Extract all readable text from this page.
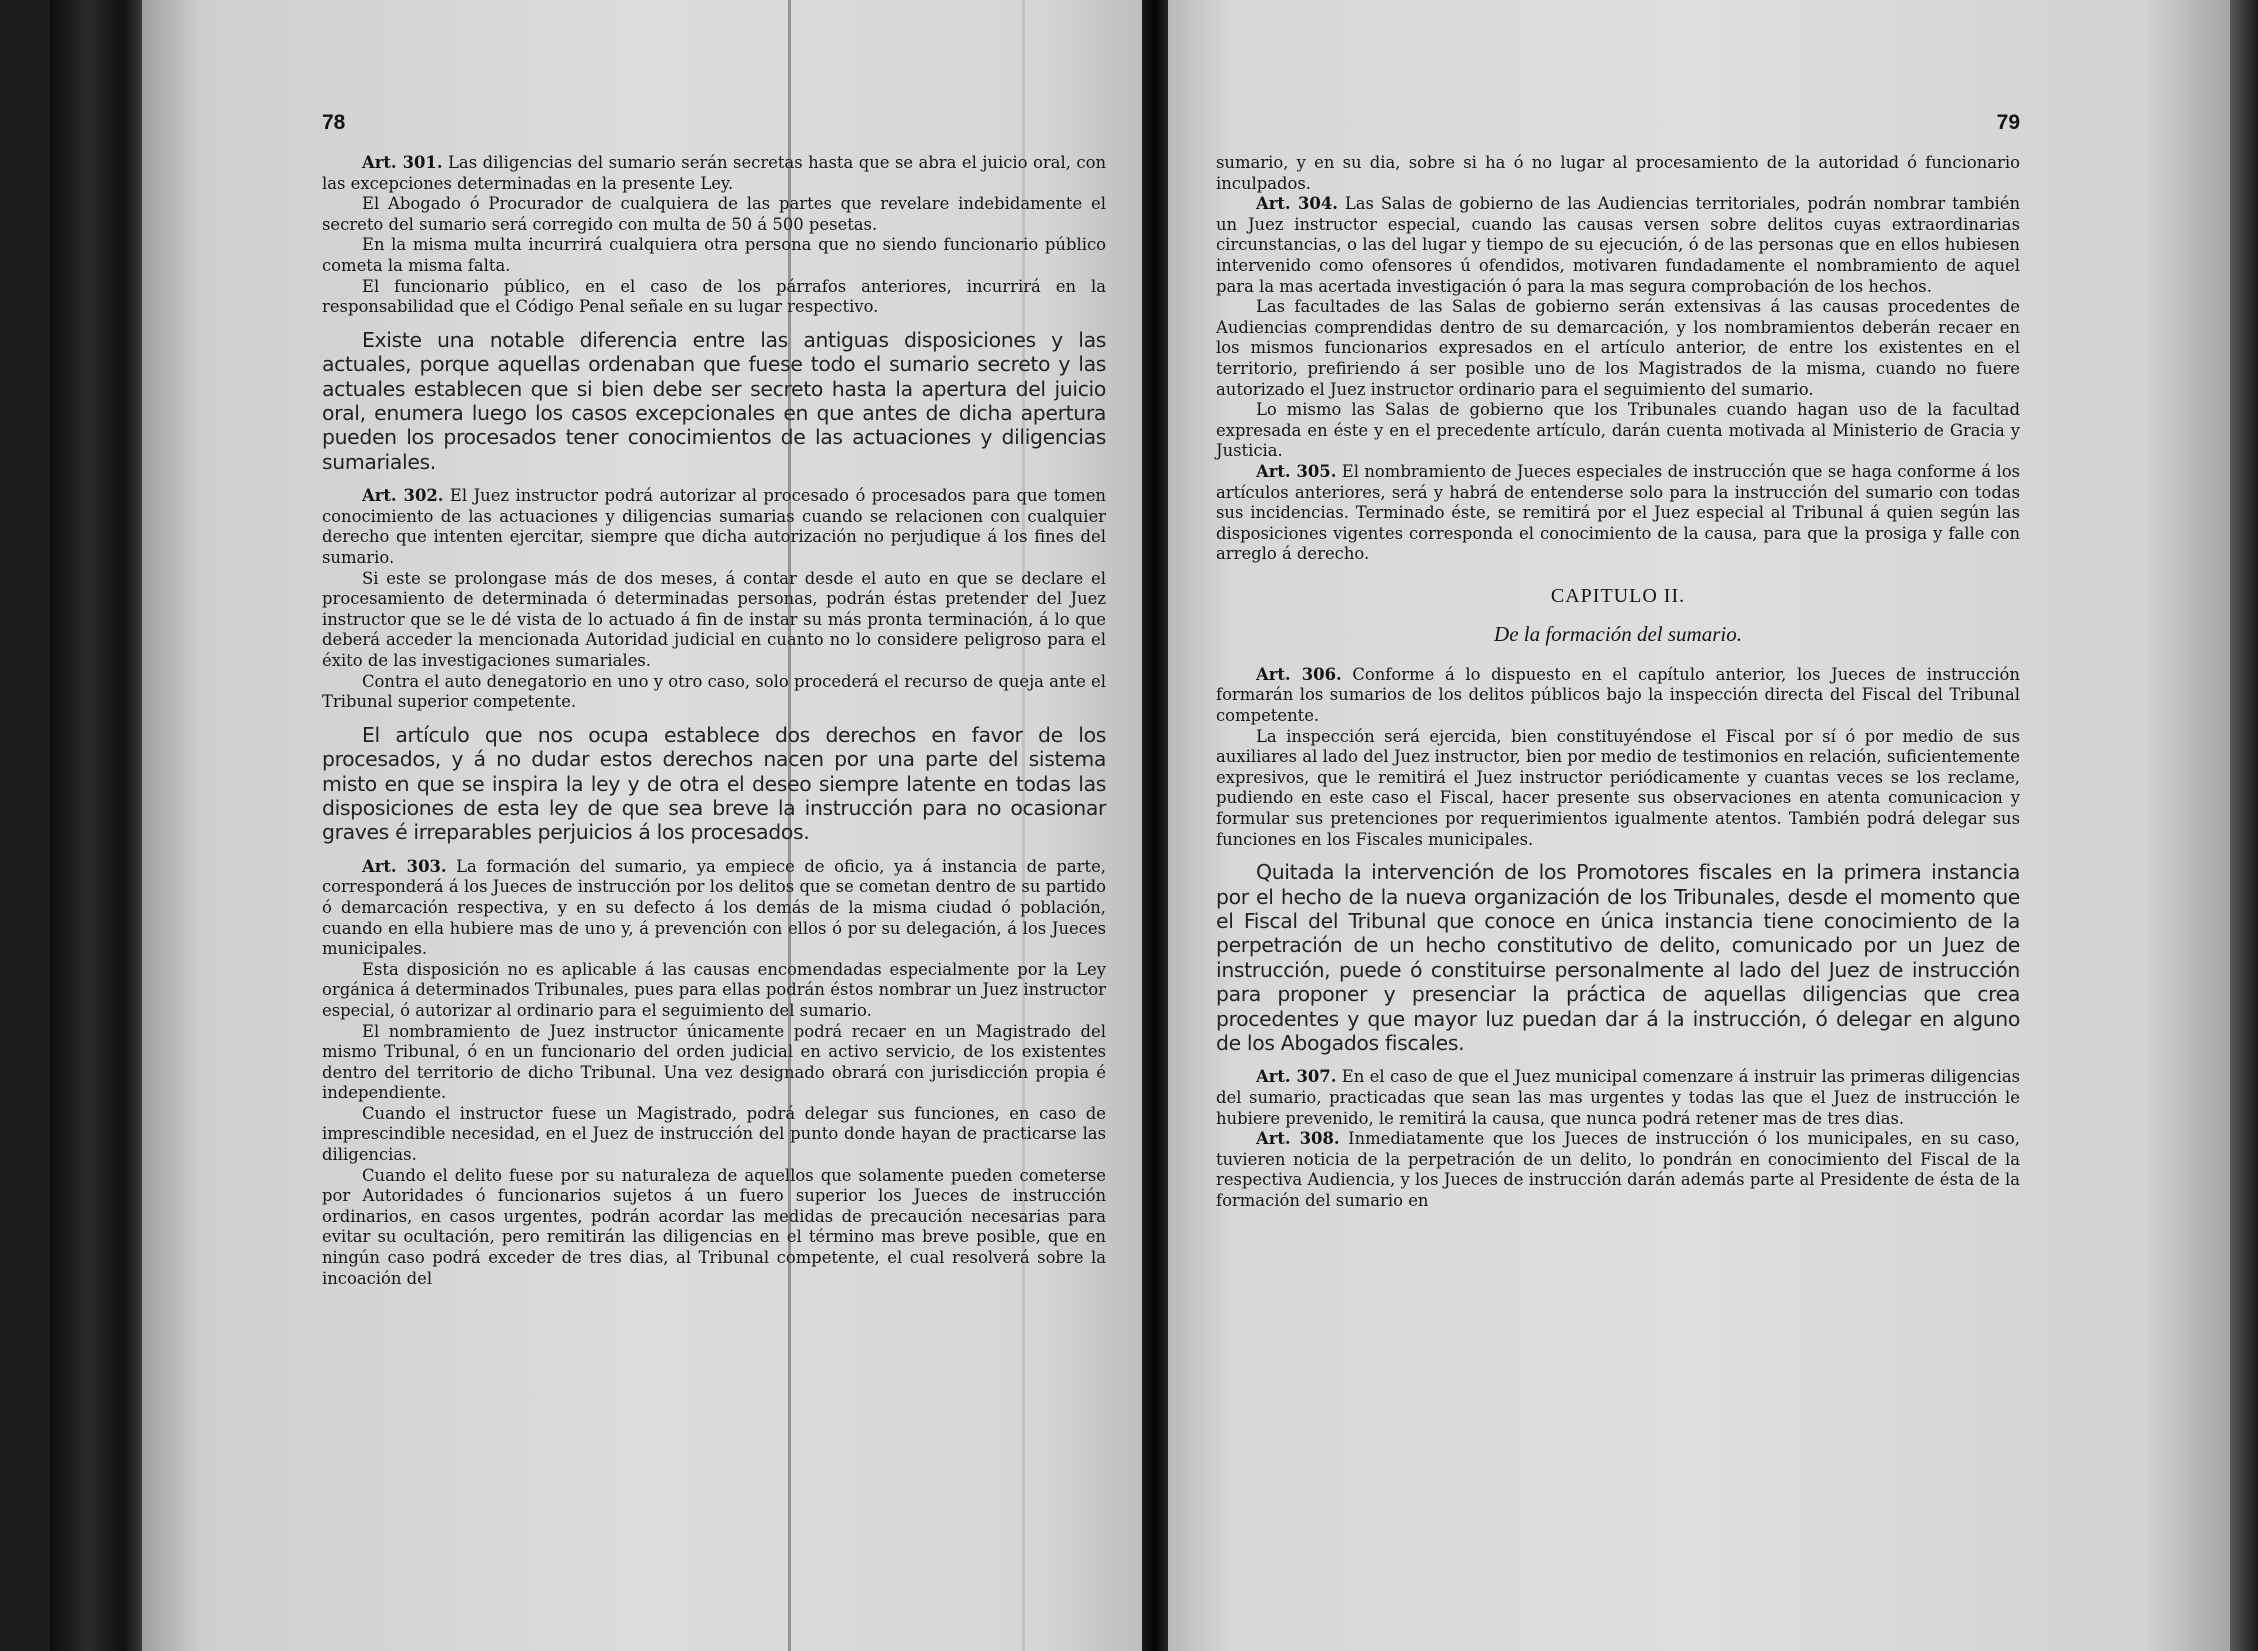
78

Art. 301. Las diligencias del sumario serán secretas hasta que se abra el juicio oral, con las excepciones determinadas en la presente Ley.

El Abogado ó Procurador de cualquiera de las partes que revelare indebidamente el secreto del sumario será corregido con multa de 50 á 500 pesetas.

En la misma multa incurrirá cualquiera otra persona que no siendo funcionario público cometa la misma falta.

El funcionario público, en el caso de los párrafos anteriores, incurrirá en la responsabilidad que el Código Penal señale en su lugar respectivo.

Existe una notable diferencia entre las antiguas disposiciones y las actuales, porque aquellas ordenaban que fuese todo el sumario secreto y las actuales establecen que si bien debe ser secreto hasta la apertura del juicio oral, enumera luego los casos excepcionales en que antes de dicha apertura pueden los procesados tener conocimientos de las actuaciones y diligencias sumariales.

Art. 302. El Juez instructor podrá autorizar al procesado ó procesados para que tomen conocimiento de las actuaciones y diligencias sumarias cuando se relacionen con cualquier derecho que intenten ejercitar, siempre que dicha autorización no perjudique á los fines del sumario.

Si este se prolongase más de dos meses, á contar desde el auto en que se declare el procesamiento de determinada ó determinadas personas, podrán éstas pretender del Juez instructor que se le dé vista de lo actuado á fin de instar su más pronta terminación, á lo que deberá acceder la mencionada Autoridad judicial en cuanto no lo considere peligroso para el éxito de las investigaciones sumariales.

Contra el auto denegatorio en uno y otro caso, solo procederá el recurso de queja ante el Tribunal superior competente.

El artículo que nos ocupa establece dos derechos en favor de los procesados, y á no dudar estos derechos nacen por una parte del sistema misto en que se inspira la ley y de otra el deseo siempre latente en todas las disposiciones de esta ley de que sea breve la instrucción para no ocasionar graves é irreparables perjuicios á los procesados.

Art. 303. La formación del sumario, ya empiece de oficio, ya á instancia de parte, corresponderá á los Jueces de instrucción por los delitos que se cometan dentro de su partido ó demarcación respectiva, y en su defecto á los demás de la misma ciudad ó población, cuando en ella hubiere mas de uno y, á prevención con ellos ó por su delegación, á los Jueces municipales.

Esta disposición no es aplicable á las causas encomendadas especialmente por la Ley orgánica á determinados Tribunales, pues para ellas podrán éstos nombrar un Juez instructor especial, ó autorizar al ordinario para el seguimiento del sumario.

El nombramiento de Juez instructor únicamente podrá recaer en un Magistrado del mismo Tribunal, ó en un funcionario del orden judicial en activo servicio, de los existentes dentro del territorio de dicho Tribunal. Una vez designado obrará con jurisdicción propia é independiente.

Cuando el instructor fuese un Magistrado, podrá delegar sus funciones, en caso de imprescindible necesidad, en el Juez de instrucción del punto donde hayan de practicarse las diligencias.

Cuando el delito fuese por su naturaleza de aquellos que solamente pueden cometerse por Autoridades ó funcionarios sujetos á un fuero superior los Jueces de instrucción ordinarios, en casos urgentes, podrán acordar las medidas de precaución necesarias para evitar su ocultación, pero remitirán las diligencias en el término mas breve posible, que en ningún caso podrá exceder de tres dias, al Tribunal competente, el cual resolverá sobre la incoación del

79

sumario, y en su dia, sobre si ha ó no lugar al procesamiento de la autoridad ó funcionario inculpados.

Art. 304. Las Salas de gobierno de las Audiencias territoriales, podrán nombrar también un Juez instructor especial, cuando las causas versen sobre delitos cuyas extraordinarias circunstancias, o las del lugar y tiempo de su ejecución, ó de las personas que en ellos hubiesen intervenido como ofensores ú ofendidos, motivaren fundadamente el nombramiento de aquel para la mas acertada investigación ó para la mas segura comprobación de los hechos.

Las facultades de las Salas de gobierno serán extensivas á las causas procedentes de Audiencias comprendidas dentro de su demarcación, y los nombramientos deberán recaer en los mismos funcionarios expresados en el artículo anterior, de entre los existentes en el territorio, prefiriendo á ser posible uno de los Magistrados de la misma, cuando no fuere autorizado el Juez instructor ordinario para el seguimiento del sumario.

Lo mismo las Salas de gobierno que los Tribunales cuando hagan uso de la facultad expresada en éste y en el precedente artículo, darán cuenta motivada al Ministerio de Gracia y Justicia.

Art. 305. El nombramiento de Jueces especiales de instrucción que se haga conforme á los artículos anteriores, será y habrá de entenderse solo para la instrucción del sumario con todas sus incidencias. Terminado éste, se remitirá por el Juez especial al Tribunal á quien según las disposiciones vigentes corresponda el conocimiento de la causa, para que la prosiga y falle con arreglo á derecho.

CAPITULO II.
De la formación del sumario.

Art. 306. Conforme á lo dispuesto en el capítulo anterior, los Jueces de instrucción formarán los sumarios de los delitos públicos bajo la inspección directa del Fiscal del Tribunal competente.

La inspección será ejercida, bien constituyéndose el Fiscal por sí ó por medio de sus auxiliares al lado del Juez instructor, bien por medio de testimonios en relación, suficientemente expresivos, que le remitirá el Juez instructor periódicamente y cuantas veces se los reclame, pudiendo en este caso el Fiscal, hacer presente sus observaciones en atenta comunicacion y formular sus pretenciones por requerimientos igualmente atentos. También podrá delegar sus funciones en los Fiscales municipales.

Quitada la intervención de los Promotores fiscales en la primera instancia por el hecho de la nueva organización de los Tribunales, desde el momento que el Fiscal del Tribunal que conoce en única instancia tiene conocimiento de la perpetración de un hecho constitutivo de delito, comunicado por un Juez de instrucción, puede ó constituirse personalmente al lado del Juez de instrucción para proponer y presenciar la práctica de aquellas diligencias que crea procedentes y que mayor luz puedan dar á la instrucción, ó delegar en alguno de los Abogados fiscales.

Art. 307. En el caso de que el Juez municipal comenzare á instruir las primeras diligencias del sumario, practicadas que sean las mas urgentes y todas las que el Juez de instrucción le hubiere prevenido, le remitirá la causa, que nunca podrá retener mas de tres dias.

Art. 308. Inmediatamente que los Jueces de instrucción ó los municipales, en su caso, tuvieren noticia de la perpetración de un delito, lo pondrán en conocimiento del Fiscal de la respectiva Audiencia, y los Jueces de instrucción darán además parte al Presidente de ésta de la formación del sumario en
